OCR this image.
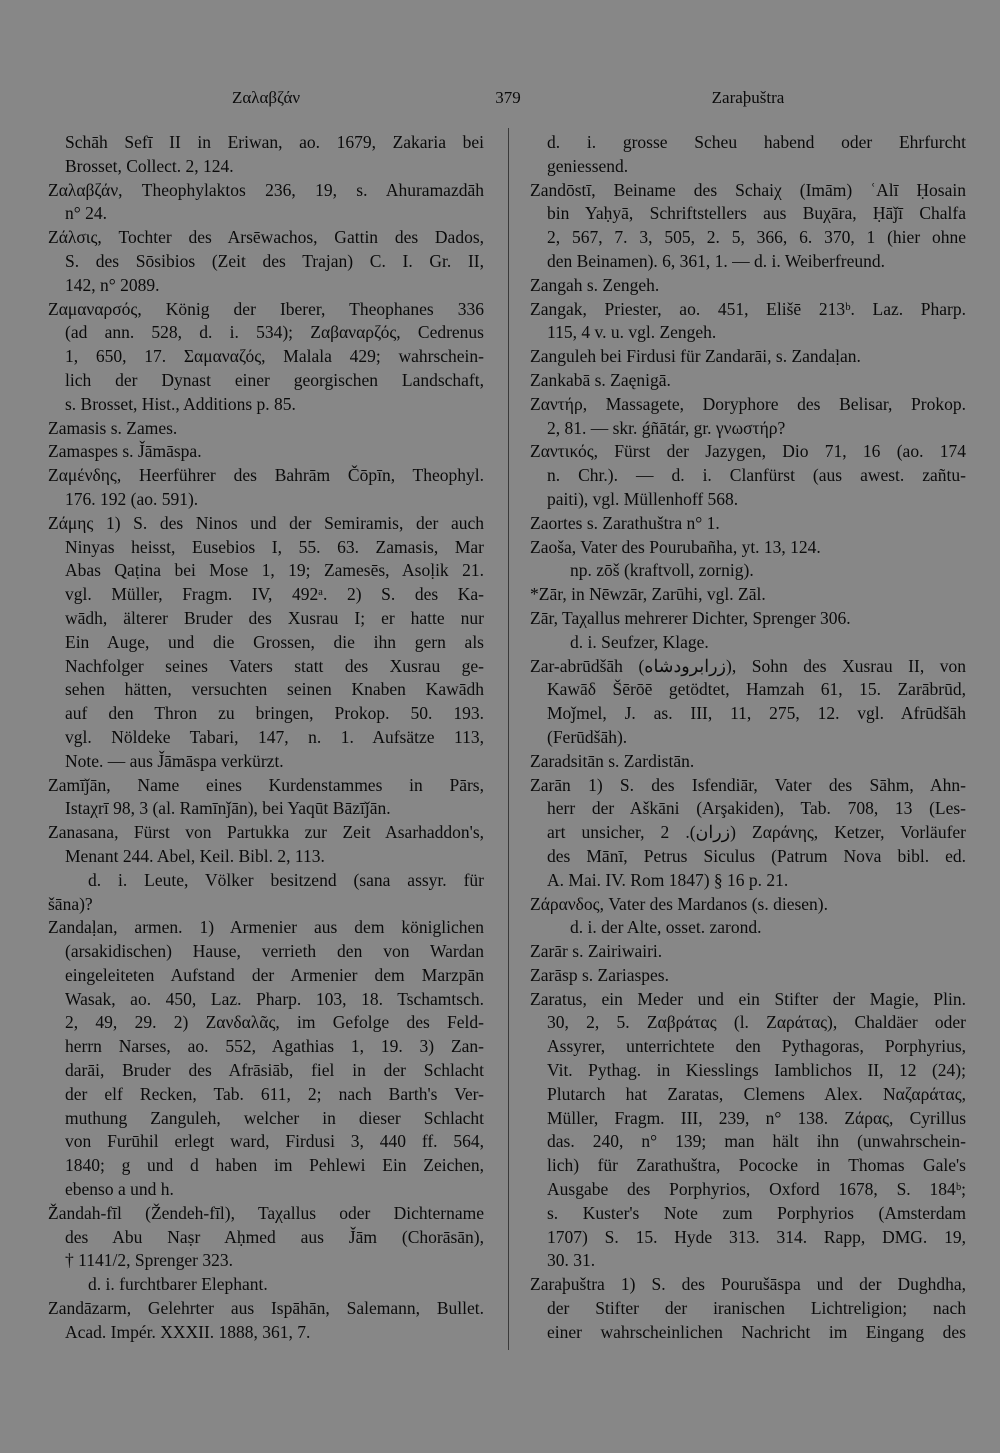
Ζαλαβζάν	379	Zaraþuštra
Schāh Sefī II in Eriwan, ao. 1679, Zakaria bei
Brosset, Collect. 2, 124.
Ζαλαβζάν, Theophylaktos 236, 19, s. Ahuramazdāh
n° 24.
Ζάλσις, Tochter des Arsēwachos, Gattin des Dados,
S. des Sōsibios (Zeit des Trajan) C. I. Gr. II,
142, n° 2089.
Ζαμαναρσός, König der Iberer, Theophanes 336
(ad ann. 528, d. i. 534); Ζαβαναρζός, Cedrenus
1, 650, 17. Σαμαναζός, Malala 429; wahrschein-
lich der Dynast einer georgischen Landschaft,
s. Brosset, Hist., Additions p. 85.
Zamasis s. Zames.
Zamaspes s. J̌āmāspa.
Ζαμένδης, Heerführer des Bahrām Čōpīn, Theophyl.
176. 192 (ao. 591).
Ζάμης 1) S. des Ninos und der Semiramis, der auch
Ninyas heisst, Eusebios I, 55. 63. Zamasis, Mar
Abas Qaṭina bei Mose 1, 19; Zamesēs, Asoḷik 21.
vgl. Müller, Fragm. IV, 492ᵃ. 2) S. des Ka-
wādh, älterer Bruder des Xusrau I; er hatte nur
Ein Auge, und die Grossen, die ihn gern als
Nachfolger seines Vaters statt des Xusrau ge-
sehen hätten, versuchten seinen Knaben Kawādh
auf den Thron zu bringen, Prokop. 50. 193.
vgl. Nöldeke Tabari, 147, n. 1. Aufsätze 113,
Note. — aus J̌āmāspa verkürzt.
Zamīǰān, Name eines Kurdenstammes in Pārs,
Istaχrī 98, 3 (al. Ramīnǰān), bei Yaqūt Bāzīǰān.
Zanasana, Fürst von Partukka zur Zeit Asarhaddon's,
Menant 244. Abel, Keil. Bibl. 2, 113.
d. i. Leute, Völker besitzend (sana assyr. für
šāna)?
Zandaḷan, armen. 1) Armenier aus dem königlichen
(arsakidischen) Hause, verrieth den von Wardan
eingeleiteten Aufstand der Armenier dem Marzpān
Wasak, ao. 450, Laz. Pharp. 103, 18. Tschamtsch.
2, 49, 29. 2) Ζανδαλᾶς, im Gefolge des Feld-
herrn Narses, ao. 552, Agathias 1, 19. 3) Zan-
darāi, Bruder des Afrāsiāb, fiel in der Schlacht
der elf Recken, Tab. 611, 2; nach Barth's Ver-
muthung Zanguleh, welcher in dieser Schlacht
von Furūhil erlegt ward, Firdusi 3, 440 ff. 564,
1840; g und d haben im Pehlewi Ein Zeichen,
ebenso a und h.
Žandah-fīl (Žendeh-fīl), Taχallus oder Dichtername
des Abu Naṣr Aḥmed aus J̌ām (Chorāsān),
† 1141/2, Sprenger 323.
d. i. furchtbarer Elephant.
Zandāzarm, Gelehrter aus Ispāhān, Salemann, Bullet.
Acad. Impér. XXXII. 1888, 361, 7.
d. i. grosse Scheu habend oder Ehrfurcht
geniessend.
Zandōstī, Beiname des Schaiχ (Imām) ʿAlī Ḥosain
bin Yaḥyā, Schriftstellers aus Buχāra, Ḥāǰī Chalfa
2, 567, 7. 3, 505, 2. 5, 366, 6. 370, 1 (hier ohne
den Beinamen). 6, 361, 1. — d. i. Weiberfreund.
Zangah s. Zengeh.
Zangak, Priester, ao. 451, Elišē 213ᵇ. Laz. Pharp.
115, 4 v. u. vgl. Zengeh.
Zanguleh bei Firdusi für Zandarāi, s. Zandaḷan.
Zankabā s. Zaęnigā.
Ζαντήρ, Massagete, Doryphore des Belisar, Prokop.
2, 81. — skr. ǵñātár, gr. γνωστήρ?
Ζαντικός, Fürst der Jazygen, Dio 71, 16 (ao. 174
n. Chr.). — d. i. Clanfürst (aus awest. zañtu-
paiti), vgl. Müllenhoff 568.
Zaortes s. Zarathuštra n° 1.
Zaoša, Vater des Pourubañha, yt. 13, 124.
np. zōš (kraftvoll, zornig).
*Zār, in Nēwzār, Zarūhi, vgl. Zāl.
Zār, Taχallus mehrerer Dichter, Sprenger 306.
d. i. Seufzer, Klage.
Zar-abrūdšāh (زرابرودشاه), Sohn des Xusrau II, von
Kawāδ Šērōē getödtet, Hamzah 61, 15. Zarābrūd,
Moǰmel, J. as. III, 11, 275, 12. vgl. Afrūdšāh
(Ferūdšāh).
Zaradsitān s. Zardistān.
Zarān 1) S. des Isfendiār, Vater des Sāhm, Ahn-
herr der Aškāni (Arşakiden), Tab. 708, 13 (Les-
art unsicher, زران). 2) Ζαράνης, Ketzer, Vorläufer
des Mānī, Petrus Siculus (Patrum Nova bibl. ed.
A. Mai. IV. Rom 1847) § 16 p. 21.
Ζάρανδος, Vater des Mardanos (s. diesen).
d. i. der Alte, osset. zarond.
Zarār s. Zairiwairi.
Zarāsp s. Zariaspes.
Zaratus, ein Meder und ein Stifter der Magie, Plin.
30, 2, 5. Ζαβράτας (l. Ζαράτας), Chaldäer oder
Assyrer, unterrichtete den Pythagoras, Porphyrius,
Vit. Pythag. in Kiesslings Iamblichos II, 12 (24);
Plutarch hat Zaratas, Clemens Alex. Ναζαράτας,
Müller, Fragm. III, 239, n° 138. Ζάρας, Cyrillus
das. 240, n° 139; man hält ihn (unwahrschein-
lich) für Zarathuštra, Pococke in Thomas Gale's
Ausgabe des Porphyrios, Oxford 1678, S. 184ᵇ;
s. Kuster's Note zum Porphyrios (Amsterdam
1707) S. 15. Hyde 313. 314. Rapp, DMG. 19,
30. 31.
Zaraþuštra 1) S. des Pourušāspa und der Dughdha,
der Stifter der iranischen Lichtreligion; nach
einer wahrscheinlichen Nachricht im Eingang des
